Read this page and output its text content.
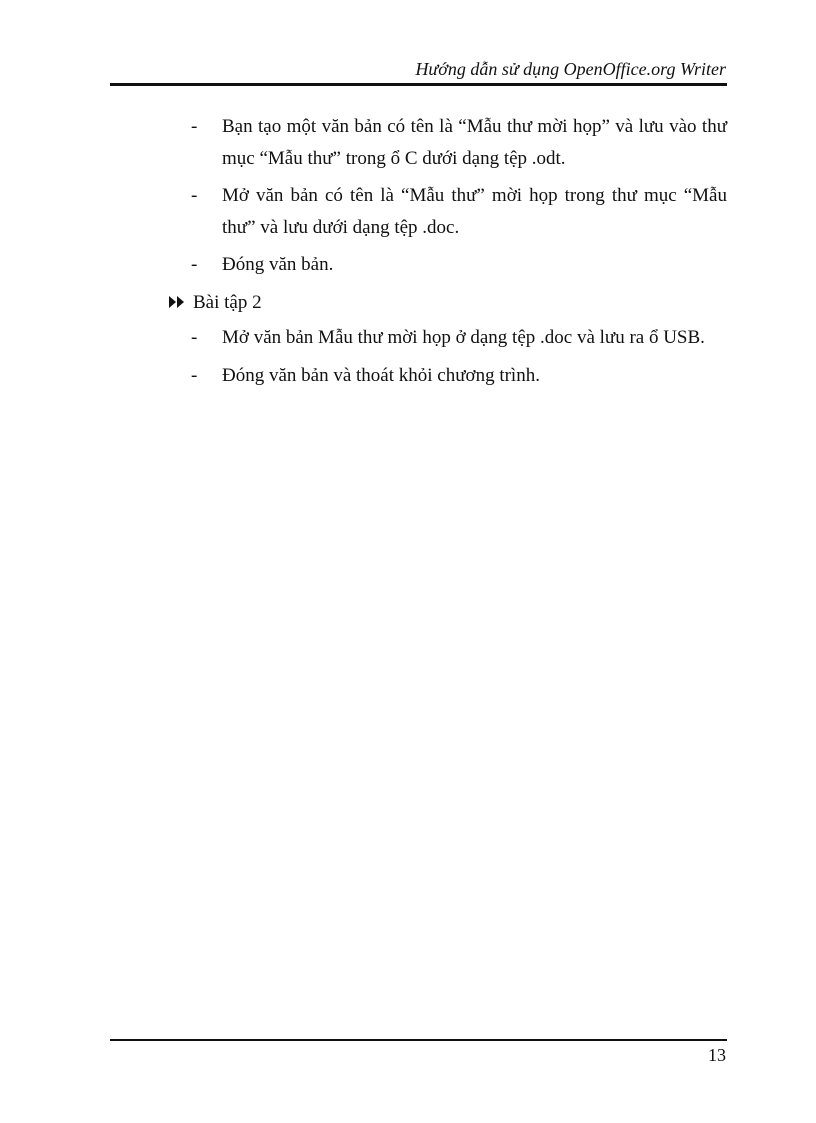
Hướng dẫn sử dụng OpenOffice.org Writer
- Bạn tạo một văn bản có tên là “Mẫu thư mời họp” và lưu vào thư mục “Mẫu thư” trong ổ C dưới dạng tệp .odt.
- Mở văn bản có tên là “Mẫu thư” mời họp trong thư mục “Mẫu thư” và lưu dưới dạng tệp .doc.
- Đóng văn bản.
Bài tập 2
- Mở văn bản Mẫu thư mời họp ở dạng tệp .doc và lưu ra ổ USB.
- Đóng văn bản và thoát khỏi chương trình.
13
